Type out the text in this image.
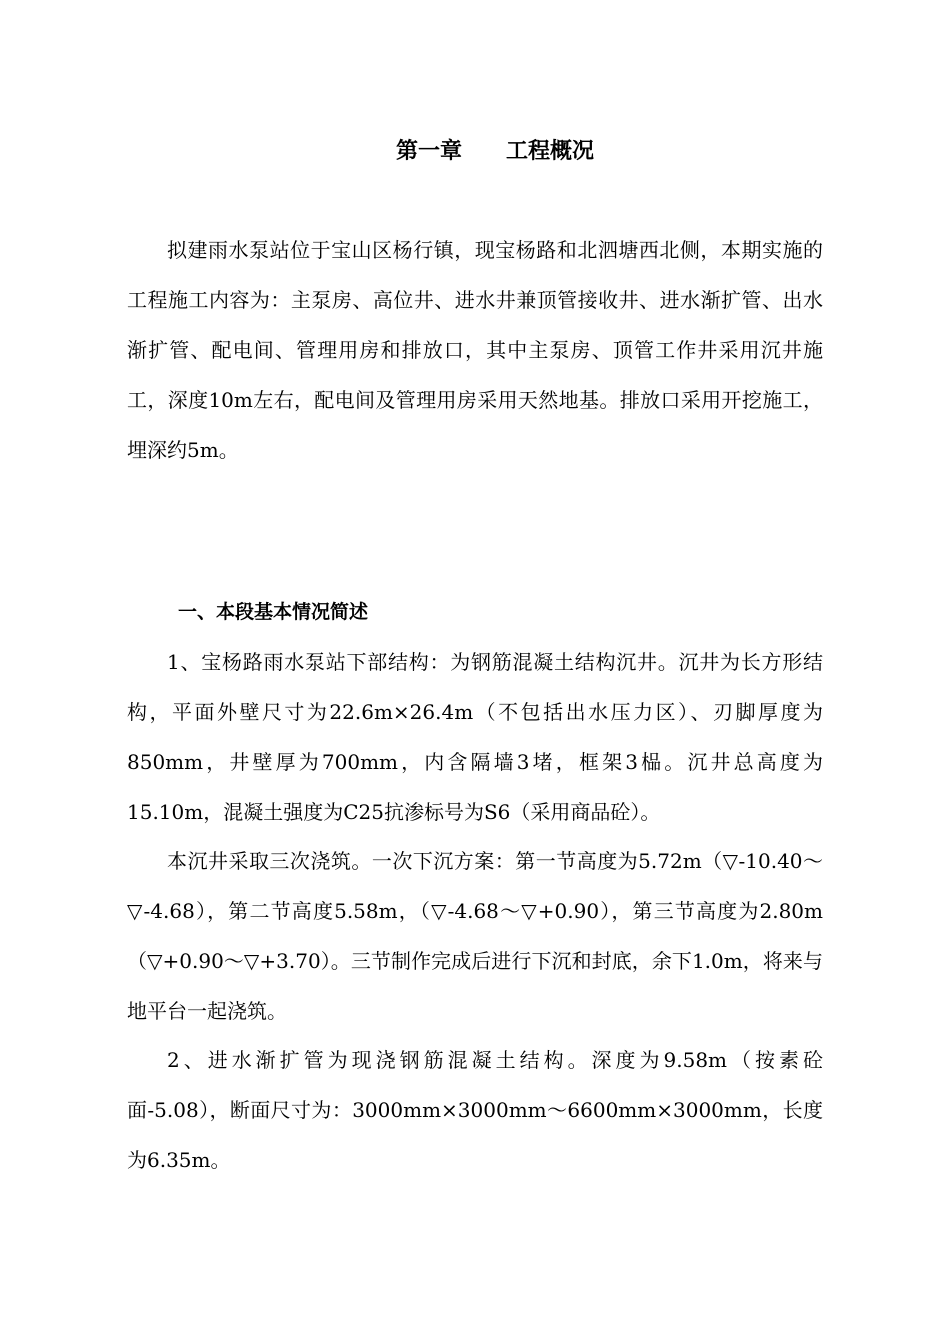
第一章　　工程概况

拟建雨水泵站位于宝山区杨行镇，现宝杨路和北泗塘西北侧，本期实施的工程施工内容为：主泵房、高位井、进水井兼顶管接收井、进水渐扩管、出水渐扩管、配电间、管理用房和排放口，其中主泵房、顶管工作井采用沉井施工，深度10m左右，配电间及管理用房采用天然地基。排放口采用开挖施工，埋深约5m。

一、本段基本情况简述

1、宝杨路雨水泵站下部结构：为钢筋混凝土结构沉井。沉井为长方形结构，平面外壁尺寸为22.6m×26.4m（不包括出水压力区）、刃脚厚度为850mm，井壁厚为700mm，内含隔墙3堵，框架3榀。沉井总高度为15.10m，混凝土强度为C25抗渗标号为S6（采用商品砼）。

本沉井采取三次浇筑。一次下沉方案：第一节高度为5.72m（▽-10.40～▽-4.68），第二节高度5.58m，（▽-4.68～▽+0.90），第三节高度为2.80m（▽+0.90～▽+3.70）。三节制作完成后进行下沉和封底，余下1.0m，将来与地平台一起浇筑。

2、进水渐扩管为现浇钢筋混凝土结构。深度为9.58m（按素砼面-5.08），断面尺寸为：3000mm×3000mm～6600mm×3000mm，长度为6.35m。
